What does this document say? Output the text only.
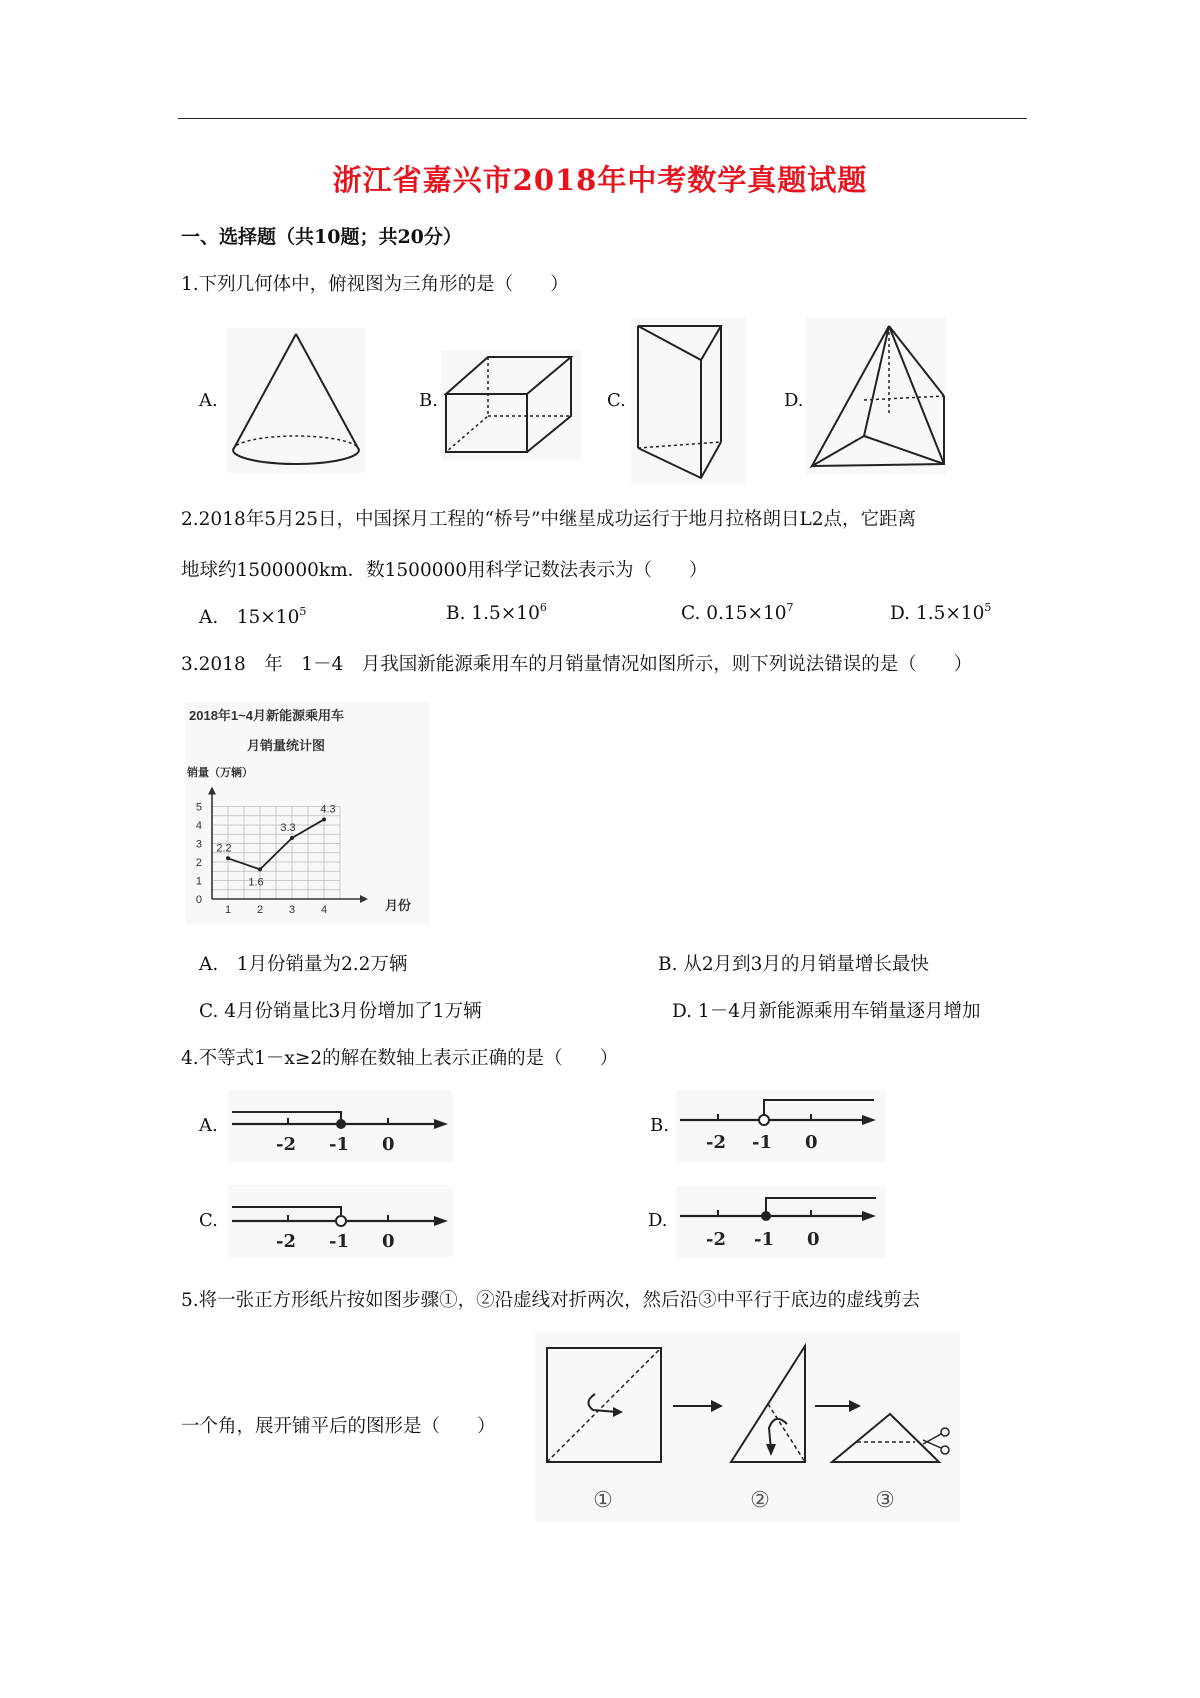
浙江省嘉兴市2018年中考数学真题试题
一、选择题（共10题；共20分）
1.下列几何体中，俯视图为三角形的是（　　）
A.	B.	C.	D.
2.2018年5月25日，中国探月工程的“桥号”中继星成功运行于地月拉格朗日L2点，它距离
地球约1500000km．数1500000用科学记数法表示为（　　）
A.　 $15\times 10^5$	B. $1.5\times 10^6$	C. $0.15\times 10^7$	D. $1.5\times 10^5$
3.2018　年　1－4　月我国新能源乘用车的月销量情况如图所示，则下列说法错误的是（　　）
2018年1~4月新能源乘用车
月销量统计图
销量（万辆）
月份
0
1
2
3
4
5
1 2 3 4
2.2
1.6
3.3
4.3
A.　1月份销量为2.2万辆	B. 从2月到3月的月销量增长最快
C. 4月份销量比3月份增加了1万辆	D. 1－4月新能源乘用车销量逐月增加
4.不等式1－x≥2的解在数轴上表示正确的是（　　）
A.
-2 -1 0
B.
-2 -1 0
C.
-2 -1 0
D.
-2 -1 0
5.将一张正方形纸片按如图步骤①，②沿虚线对折两次，然后沿③中平行于底边的虚线剪去
一个角，展开铺平后的图形是（　　）
①	②	③
